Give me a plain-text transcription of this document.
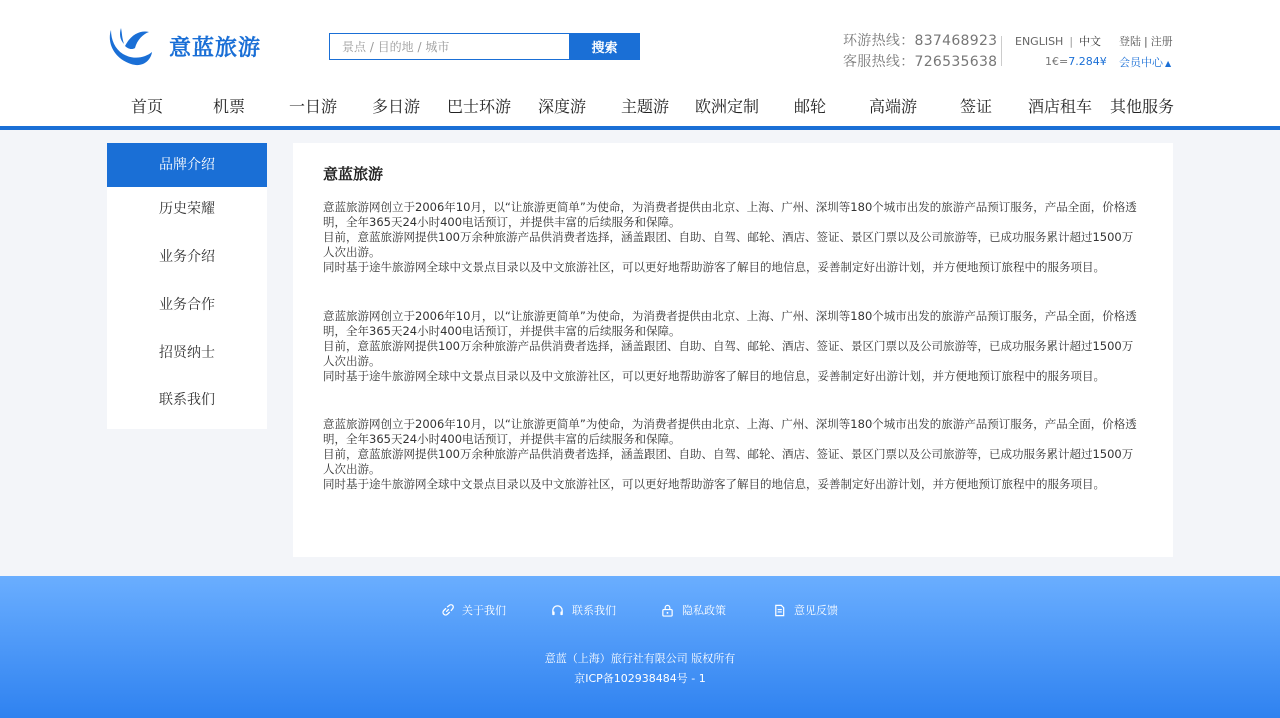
意蓝旅游
景点 / 目的地 / 城市	搜索	环游热线：837468923
客服热线：726535638
ENGLISH | 中文 登陆 | 注册
1€=7.284¥ 会员中心 ▲
首页	机票	一日游 多日游 巴士环游 深度游 主题游 欧洲定制 邮轮	高端游	签证 酒店租车 其他服务
品牌介绍
历史荣耀
业务介绍
业务合作
招贤纳士
联系我们
意蓝旅游

意蓝旅游网创立于2006年10月，以“让旅游更简单”为使命，为消费者提供由北京、上海、广州、深圳等180个城市出发的旅游产品预订服务，产品全面，价格透明，全年365天24小时400电话预订，并提供丰富的后续服务和保障。

目前，意蓝旅游网提供100万余种旅游产品供消费者选择，涵盖跟团、自助、自驾、邮轮、酒店、签证、景区门票以及公司旅游等，已成功服务累计超过1500万人次出游。

同时基于途牛旅游网全球中文景点目录以及中文旅游社区，可以更好地帮助游客了解目的地信息，妥善制定好出游计划，并方便地预订旅程中的服务项目。

意蓝旅游网创立于2006年10月，以“让旅游更简单”为使命，为消费者提供由北京、上海、广州、深圳等180个城市出发的旅游产品预订服务，产品全面，价格透明，全年365天24小时400电话预订，并提供丰富的后续服务和保障。

目前，意蓝旅游网提供100万余种旅游产品供消费者选择，涵盖跟团、自助、自驾、邮轮、酒店、签证、景区门票以及公司旅游等，已成功服务累计超过1500万人次出游。

同时基于途牛旅游网全球中文景点目录以及中文旅游社区，可以更好地帮助游客了解目的地信息，妥善制定好出游计划，并方便地预订旅程中的服务项目。

意蓝旅游网创立于2006年10月，以“让旅游更简单”为使命，为消费者提供由北京、上海、广州、深圳等180个城市出发的旅游产品预订服务，产品全面，价格透明，全年365天24小时400电话预订，并提供丰富的后续服务和保障。

目前，意蓝旅游网提供100万余种旅游产品供消费者选择，涵盖跟团、自助、自驾、邮轮、酒店、签证、景区门票以及公司旅游等，已成功服务累计超过1500万人次出游。

同时基于途牛旅游网全球中文景点目录以及中文旅游社区，可以更好地帮助游客了解目的地信息，妥善制定好出游计划，并方便地预订旅程中的服务项目。

关于我们	联系我们	隐私政策	意见反馈
意蓝（上海）旅行社有限公司 版权所有
京ICP备102938484号 - 1
